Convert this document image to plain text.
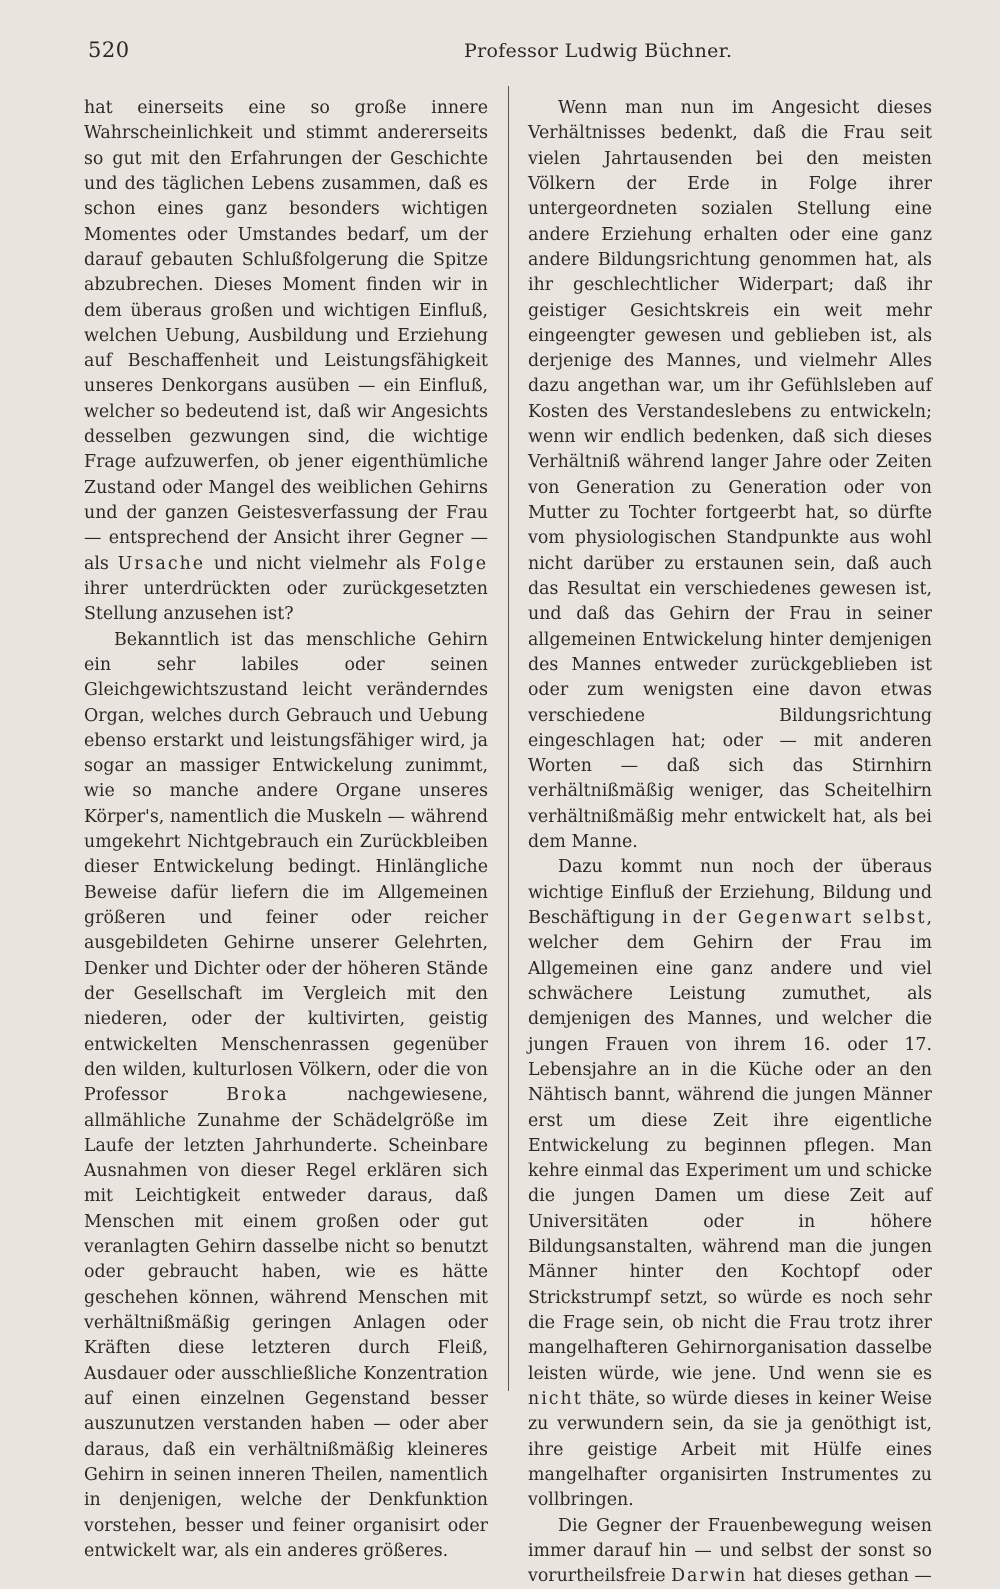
520	Professor Ludwig Büchner.

hat einerseits eine so große innere Wahrscheinlichkeit und stimmt andererseits so gut mit den Erfahrungen der Geschichte und des täglichen Lebens zusammen, daß es schon eines ganz besonders wichtigen Momentes oder Umstandes bedarf, um der darauf gebauten Schlußfolgerung die Spitze abzubrechen. Dieses Moment finden wir in dem überaus großen und wichtigen Einfluß, welchen Uebung, Ausbildung und Erziehung auf Beschaffenheit und Leistungsfähigkeit unseres Denkorgans ausüben — ein Einfluß, welcher so bedeutend ist, daß wir Angesichts desselben gezwungen sind, die wichtige Frage aufzuwerfen, ob jener eigenthümliche Zustand oder Mangel des weiblichen Gehirns und der ganzen Geistesverfassung der Frau — entsprechend der Ansicht ihrer Gegner — als Ursache und nicht vielmehr als Folge ihrer unterdrückten oder zurückgesetzten Stellung anzusehen ist?

Bekanntlich ist das menschliche Gehirn ein sehr labiles oder seinen Gleichgewichtszustand leicht veränderndes Organ, welches durch Gebrauch und Uebung ebenso erstarkt und leistungsfähiger wird, ja sogar an massiger Entwickelung zunimmt, wie so manche andere Organe unseres Körper's, namentlich die Muskeln — während umgekehrt Nichtgebrauch ein Zurückbleiben dieser Entwickelung bedingt. Hinlängliche Beweise dafür liefern die im Allgemeinen größeren und feiner oder reicher ausgebildeten Gehirne unserer Gelehrten, Denker und Dichter oder der höheren Stände der Gesellschaft im Vergleich mit den niederen, oder der kultivirten, geistig entwickelten Menschenrassen gegenüber den wilden, kulturlosen Völkern, oder die von Professor	Broka	nachgewiesene, allmähliche Zunahme der Schädelgröße im Laufe der letzten Jahrhunderte. Scheinbare Ausnahmen von dieser Regel erklären sich mit Leichtigkeit entweder daraus, daß Menschen mit einem großen oder gut veranlagten Gehirn dasselbe nicht so benutzt oder gebraucht haben, wie es hätte geschehen können, während Menschen mit verhältnißmäßig geringen Anlagen oder Kräften diese letzteren durch Fleiß, Ausdauer oder ausschließliche Konzentration auf einen einzelnen Gegenstand besser auszunutzen verstanden haben — oder aber daraus, daß ein verhältnißmäßig kleineres Gehirn in seinen inneren Theilen, namentlich in denjenigen, welche der Denkfunktion vorstehen, besser und feiner organisirt oder entwickelt war, als ein anderes größeres.

Wenn man nun im Angesicht dieses Verhältnisses bedenkt, daß die Frau seit vielen Jahrtausenden bei den meisten Völkern der Erde in Folge ihrer untergeordneten sozialen Stellung eine andere Erziehung erhalten oder eine ganz andere Bildungsrichtung genommen hat, als ihr geschlechtlicher Widerpart; daß ihr geistiger Gesichtskreis ein weit mehr eingeengter gewesen und geblieben ist, als derjenige des Mannes, und vielmehr Alles dazu angethan war, um ihr Gefühlsleben auf Kosten des Verstandeslebens zu entwickeln; wenn wir endlich bedenken, daß sich dieses Verhältniß während langer Jahre oder Zeiten von Generation zu Generation oder von Mutter zu Tochter fortgeerbt hat, so dürfte vom physiologischen Standpunkte aus wohl nicht darüber zu erstaunen sein, daß auch das Resultat ein verschiedenes gewesen ist, und daß das Gehirn der Frau in seiner allgemeinen Entwickelung hinter demjenigen des Mannes entweder zurückgeblieben ist oder zum wenigsten eine davon etwas verschiedene Bildungsrichtung eingeschlagen hat; oder — mit anderen Worten — daß sich das Stirnhirn verhältnißmäßig weniger, das Scheitelhirn verhältnißmäßig mehr entwickelt hat, als bei dem Manne.

Dazu kommt nun noch der überaus wichtige Einfluß der Erziehung, Bildung und Beschäftigung in der Gegenwart selbst, welcher dem Gehirn der Frau im Allgemeinen eine ganz andere und viel schwächere Leistung zumuthet, als demjenigen des Mannes, und welcher die jungen Frauen von ihrem 16. oder 17. Lebensjahre an in die Küche oder an den Nähtisch bannt, während die jungen Männer erst um diese Zeit ihre eigentliche Entwickelung zu beginnen pflegen. Man kehre einmal das Experiment um und schicke die jungen Damen um diese Zeit auf Universitäten oder in höhere Bildungsanstalten, während man die jungen Männer hinter den Kochtopf oder Strickstrumpf setzt, so würde es noch sehr die Frage sein, ob nicht die Frau trotz ihrer mangelhafteren Gehirnorganisation dasselbe leisten würde, wie jene. Und wenn sie es nicht thäte, so würde dieses in keiner Weise zu verwundern sein, da sie ja genöthigt ist, ihre geistige Arbeit mit Hülfe eines mangelhafter organisirten Instrumentes zu vollbringen.

Die Gegner der Frauenbewegung weisen immer darauf hin — und selbst der sonst so vorurtheilsfreie Darwin hat dieses gethan —
